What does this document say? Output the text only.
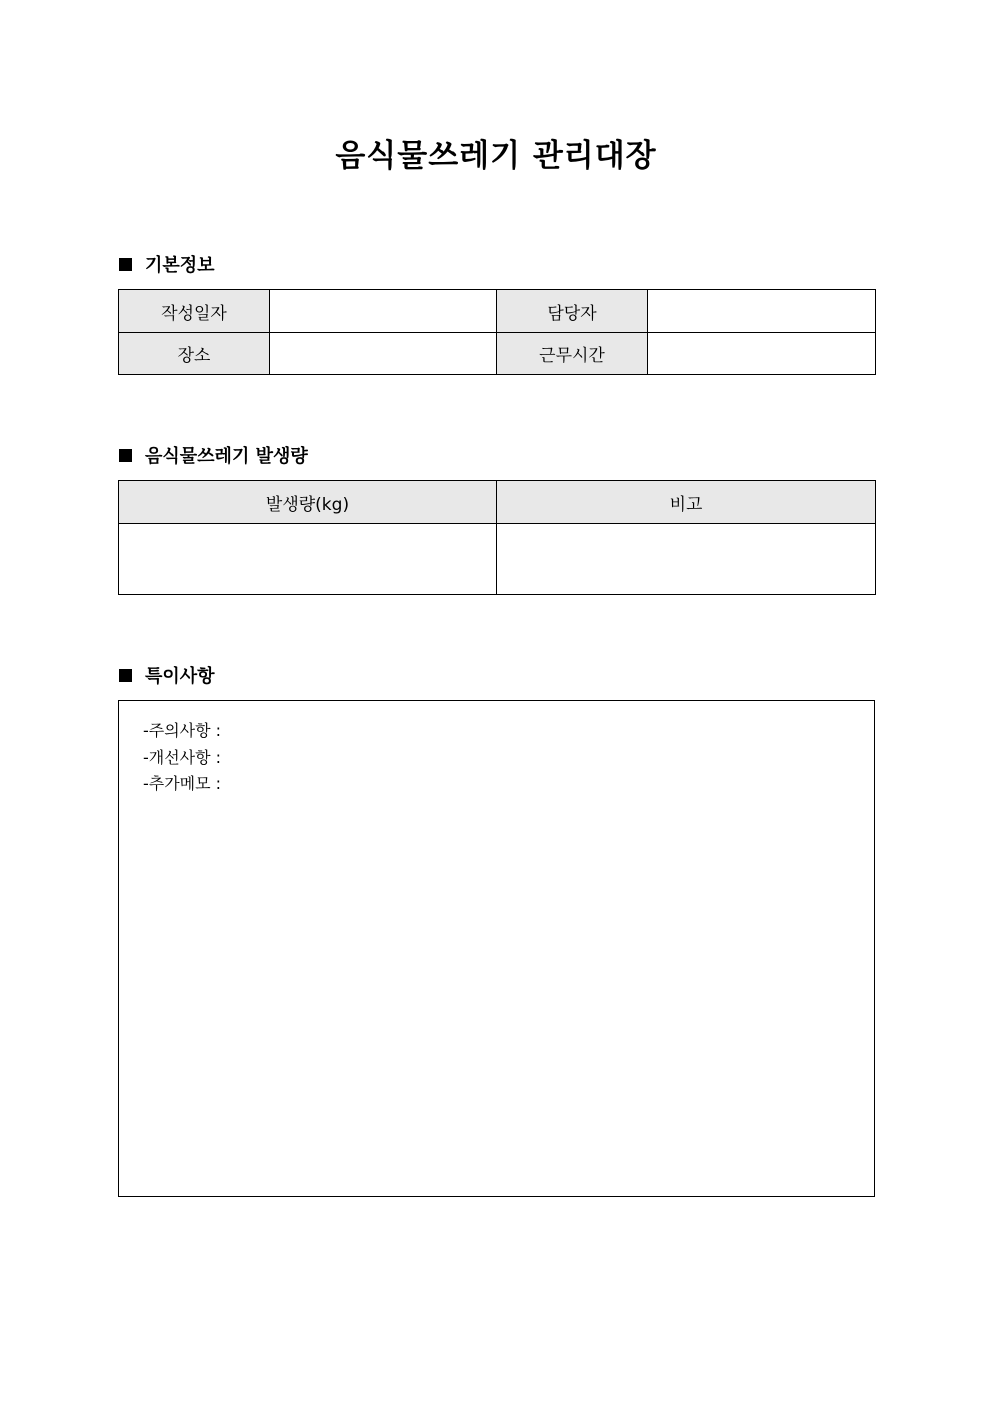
음식물쓰레기 관리대장
기본정보
작성일자		담당자	
장소		근무시간	
음식물쓰레기 발생량
발생량(kg)	비고

특이사항
-주의사항 :
-개선사항 :
-추가메모 :
